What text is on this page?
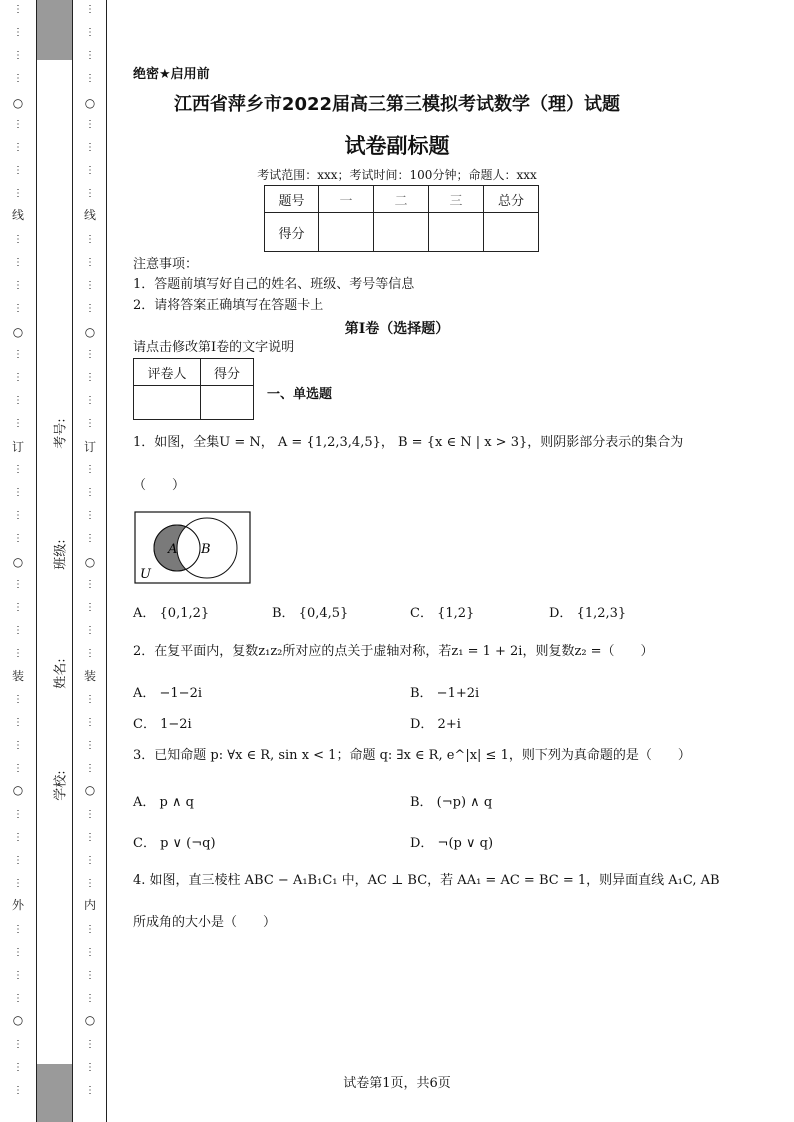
⋮
⋮
⋮
⋮
⋮
⋮
⋮
⋮
⋮
⋮
⋮
⋮
⋮
⋮
⋮
⋮
⋮
⋮
⋮
⋮
⋮
⋮
⋮
⋮
⋮
⋮
⋮
⋮
⋮
⋮
⋮
⋮
⋮
⋮
⋮
⋮
⋮
⋮
⋮
○
线
○
订
○
装
○
外
○
⋮
⋮
⋮
⋮
⋮
⋮
⋮
⋮
⋮
⋮
⋮
⋮
⋮
⋮
⋮
⋮
⋮
⋮
⋮
⋮
⋮
⋮
⋮
⋮
⋮
⋮
⋮
⋮
⋮
⋮
⋮
⋮
⋮
⋮
⋮
⋮
⋮
⋮
⋮
○
线
○
订
○
装
○
内
○
考号:
班级:
姓名:
学校:
绝密★启用前
江西省萍乡市2022届高三第三模拟考试数学（理）试题
试卷副标题
考试范围：xxx；考试时间：100分钟；命题人：xxx
题号	一	二	三	总分
得分				
注意事项：
1．答题前填写好自己的姓名、班级、考号等信息
2．请将答案正确填写在答题卡上
第I卷（选择题）
请点击修改第I卷的文字说明
评卷人	得分

一、单选题
1．如图，全集U = N， A = {1,2,3,4,5}， B = {x ∈ N | x > 3}，则阴影部分表示的集合为
（　　）
A B
U
A． {0,1,2}	B． {0,4,5}	C． {1,2}	D． {1,2,3}
2．在复平面内，复数z₁z₂所对应的点关于虚轴对称，若z₁ = 1 + 2i，则复数z₂ =（　　）
A． −1−2i	B． −1+2i
C． 1−2i	D． 2+i
3．已知命题 p: ∀x ∈ R, sin x < 1；命题 q: ∃x ∈ R, e^|x| ≤ 1，则下列为真命题的是（　　）
A． p ∧ q	B． (¬p) ∧ q
C． p ∨ (¬q)	D． ¬(p ∨ q)
4. 如图，直三棱柱 ABC − A₁B₁C₁ 中，AC ⊥ BC，若 AA₁ = AC = BC = 1，则异面直线 A₁C, AB
所成角的大小是（　　）
试卷第1页，共6页
